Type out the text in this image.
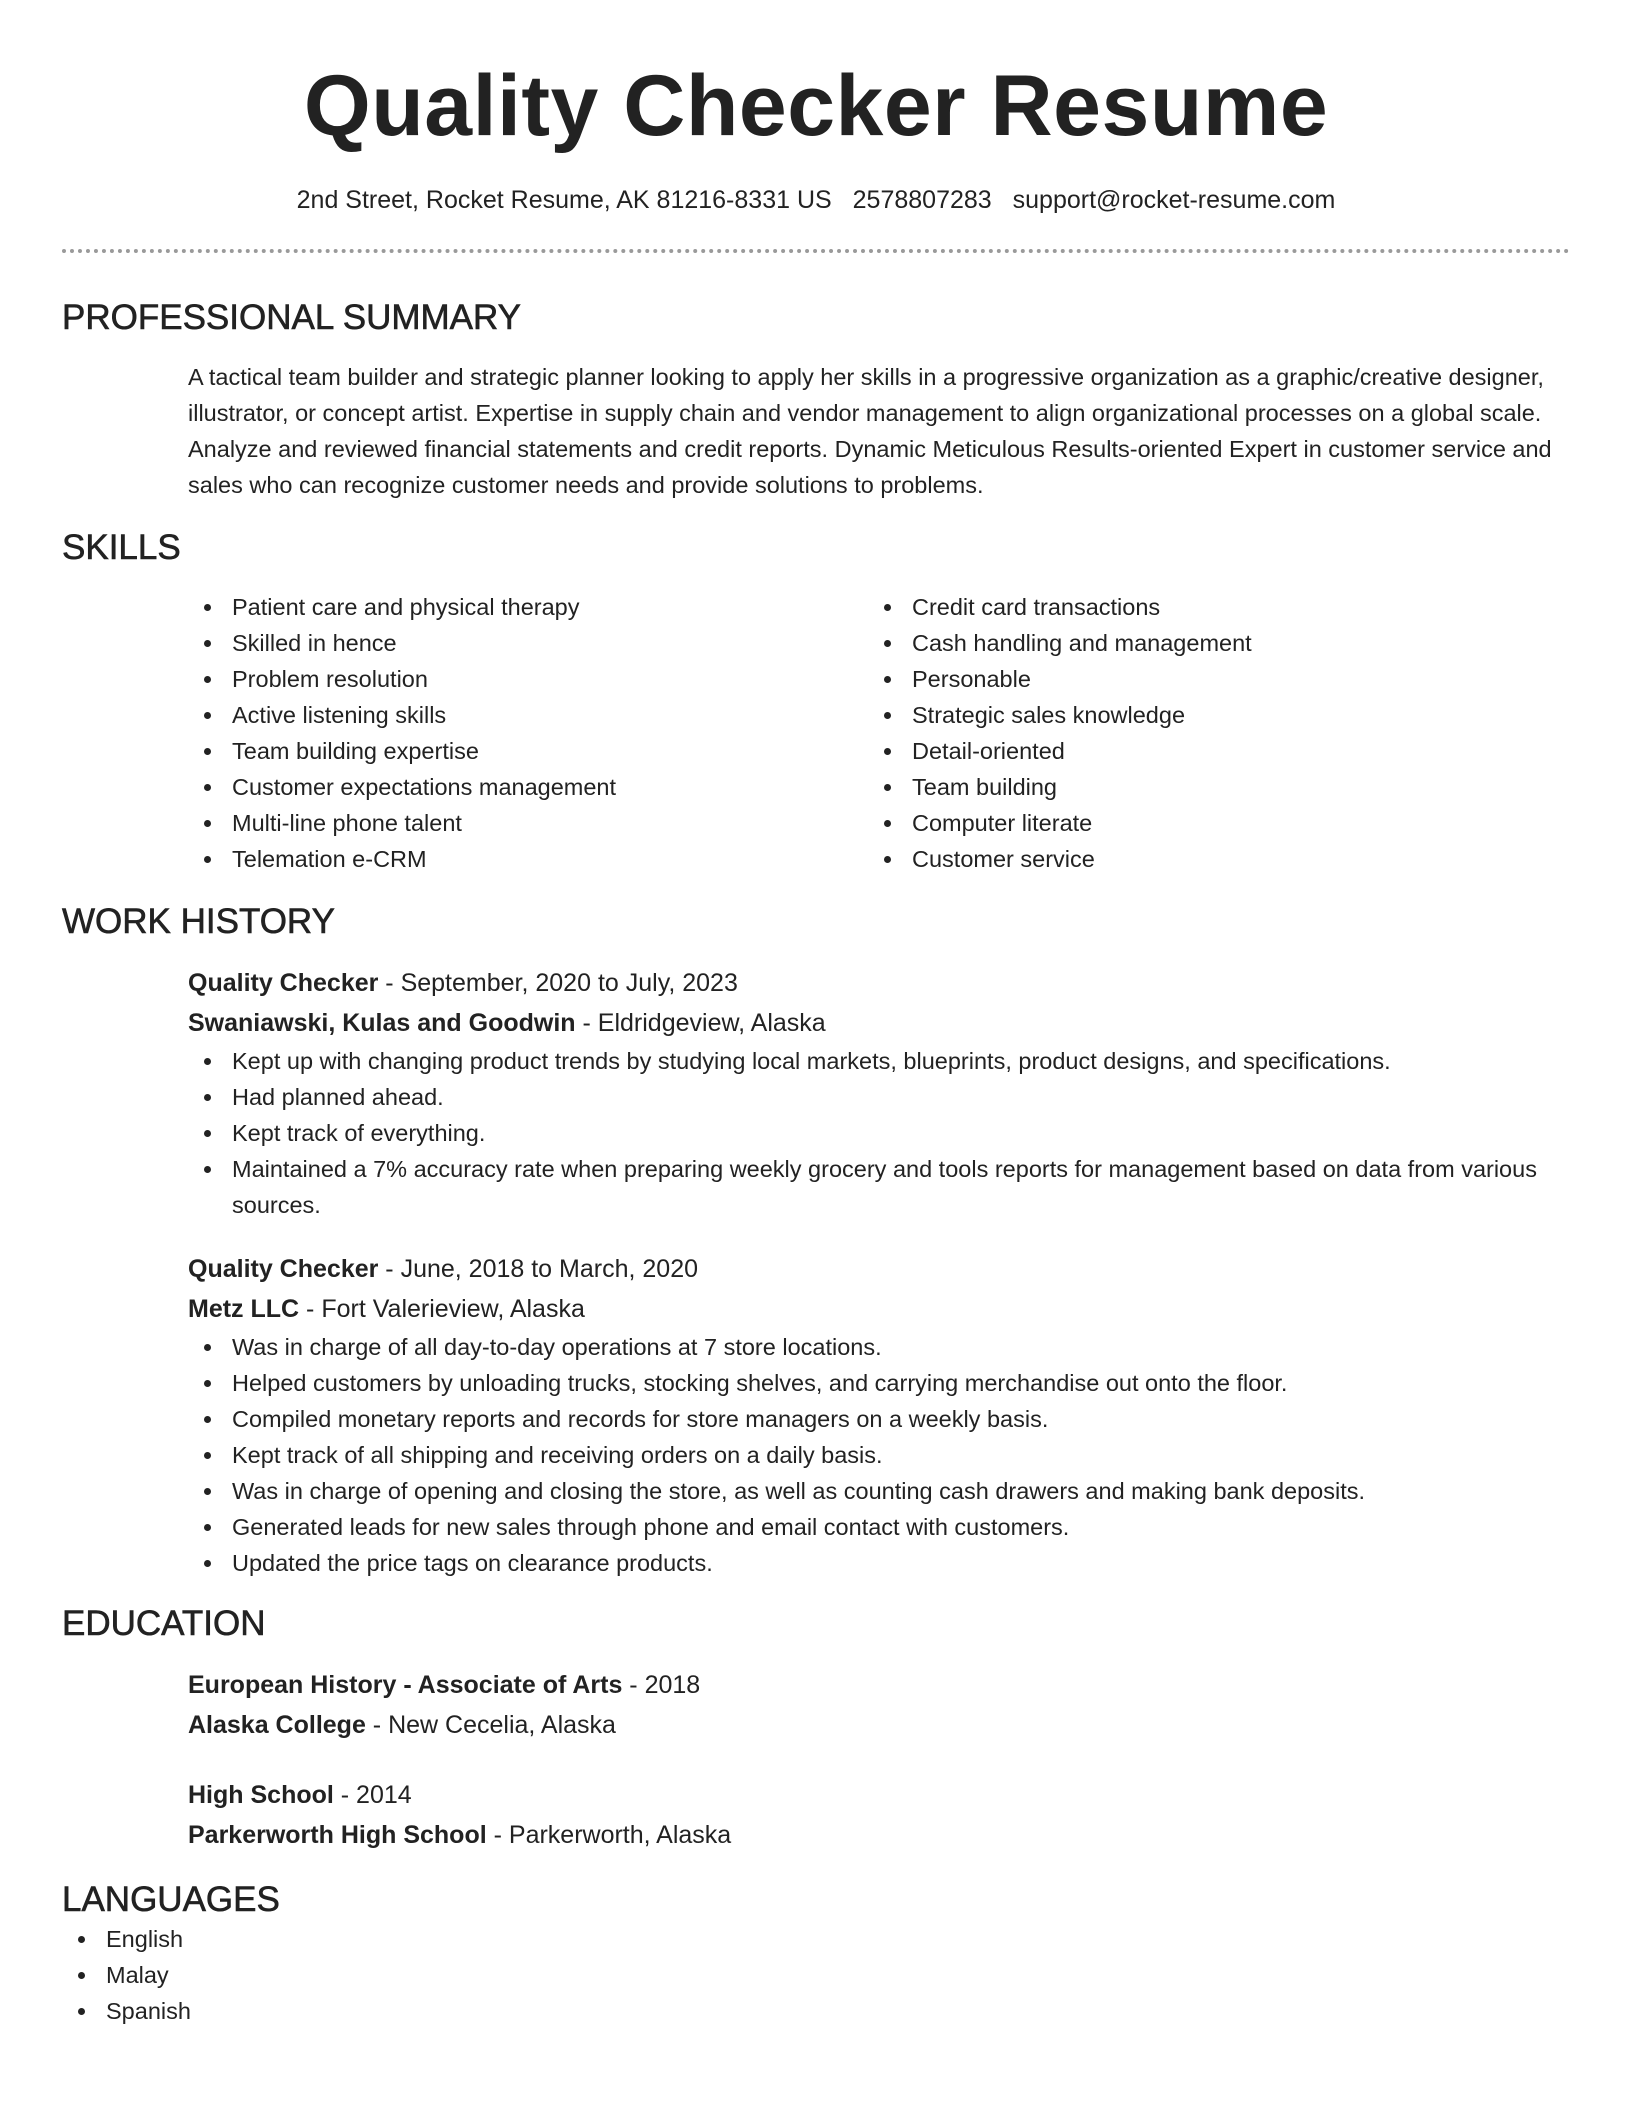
Quality Checker Resume
2nd Street, Rocket Resume, AK 81216-8331 US 2578807283 support@rocket-resume.com
PROFESSIONAL SUMMARY

A tactical team builder and strategic planner looking to apply her skills in a progressive organization as a graphic/creative designer, illustrator, or concept artist. Expertise in supply chain and vendor management to align organizational processes on a global scale. Analyze and reviewed financial statements and credit reports. Dynamic Meticulous Results-oriented Expert in customer service and sales who can recognize customer needs and provide solutions to problems.

SKILLS
Patient care and physical therapy
Skilled in hence
Problem resolution
Active listening skills
Team building expertise
Customer expectations management
Multi-line phone talent
Telemation e-CRM
Credit card transactions
Cash handling and management
Personable
Strategic sales knowledge
Detail-oriented
Team building
Computer literate
Customer service
WORK HISTORY
Quality Checker - September, 2020 to July, 2023
Swaniawski, Kulas and Goodwin - Eldridgeview, Alaska
Kept up with changing product trends by studying local markets, blueprints, product designs, and specifications.
Had planned ahead.
Kept track of everything.
Maintained a 7% accuracy rate when preparing weekly grocery and tools reports for management based on data from various sources.
Quality Checker - June, 2018 to March, 2020
Metz LLC - Fort Valerieview, Alaska
Was in charge of all day-to-day operations at 7 store locations.
Helped customers by unloading trucks, stocking shelves, and carrying merchandise out onto the floor.
Compiled monetary reports and records for store managers on a weekly basis.
Kept track of all shipping and receiving orders on a daily basis.
Was in charge of opening and closing the store, as well as counting cash drawers and making bank deposits.
Generated leads for new sales through phone and email contact with customers.
Updated the price tags on clearance products.
EDUCATION
European History - Associate of Arts - 2018
Alaska College - New Cecelia, Alaska
High School - 2014
Parkerworth High School - Parkerworth, Alaska
LANGUAGES
English
Malay
Spanish
